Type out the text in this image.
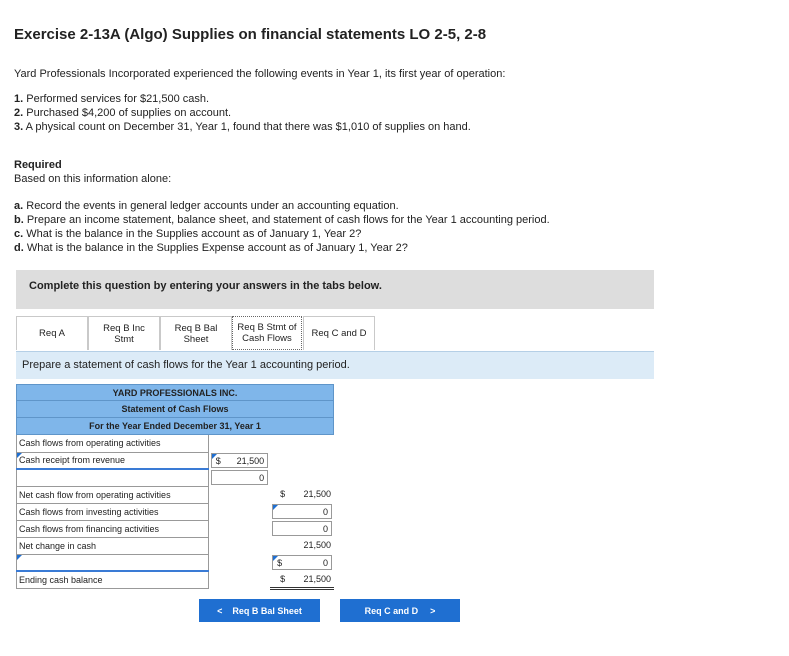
Exercise 2-13A (Algo) Supplies on financial statements LO 2-5, 2-8
Yard Professionals Incorporated experienced the following events in Year 1, its first year of operation:
1. Performed services for $21,500 cash.
2. Purchased $4,200 of supplies on account.
3. A physical count on December 31, Year 1, found that there was $1,010 of supplies on hand.
Required
Based on this information alone:
a. Record the events in general ledger accounts under an accounting equation.
b. Prepare an income statement, balance sheet, and statement of cash flows for the Year 1 accounting period.
c. What is the balance in the Supplies account as of January 1, Year 2?
d. What is the balance in the Supplies Expense account as of January 1, Year 2?
Complete this question by entering your answers in the tabs below.
Req A	Req B Inc
Stmt
Req B Bal
Sheet
Req B Stmt of
Cash Flows	Req C and D
Prepare a statement of cash flows for the Year 1 accounting period.
YARD PROFESSIONALS INC.
Statement of Cash Flows
For the Year Ended December 31, Year 1
Cash flows from operating activities		

Cash receipt from revenue	$ 21,500	

	0	

Net cash flow from operating activities		$ 21,500

Cash flows from investing activities		0

Cash flows from financing activities		0

Net change in cash		21,500

		$ 0

Ending cash balance		$ 21,500
< Req B Bal Sheet	Req C and D >
